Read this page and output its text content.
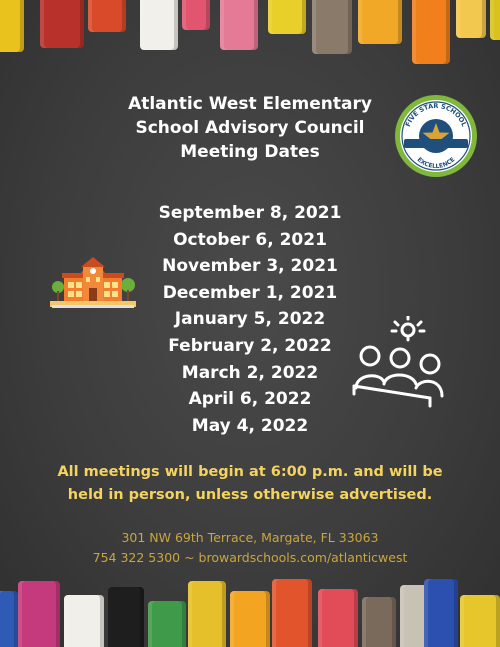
Atlantic West Elementary
School Advisory Council
Meeting Dates
FIVE STAR SCHOOL
EXCELLENCE
September 8, 2021
October 6, 2021
November 3, 2021
December 1, 2021
January 5, 2022
February 2, 2022
March 2, 2022
April 6, 2022
May 4, 2022
All meetings will begin at 6:00 p.m. and will be
held in person, unless otherwise advertised.
301 NW 69th Terrace, Margate, FL 33063
754 322 5300 ~ browardschools.com/atlanticwest
